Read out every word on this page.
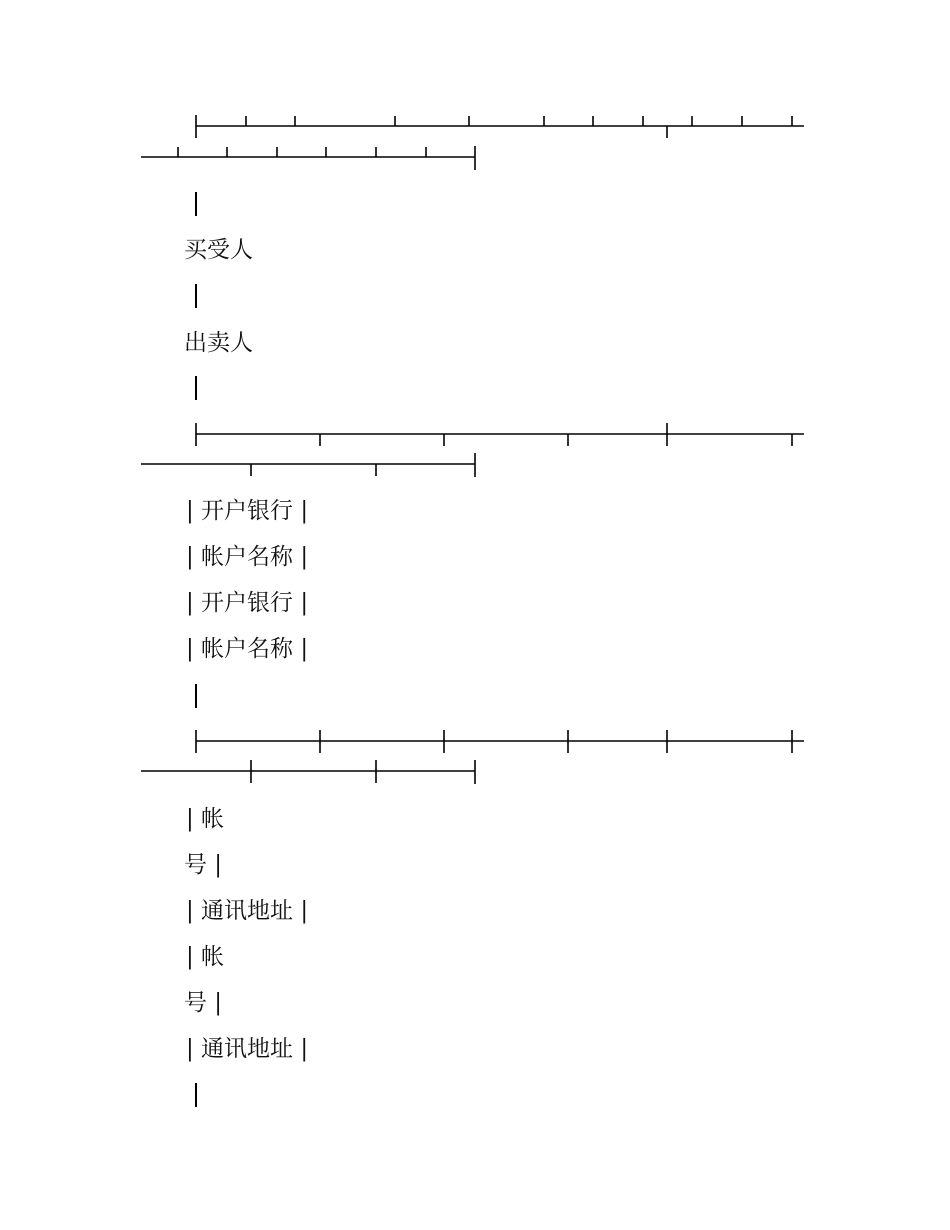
买受人
出卖人
| 开户银行 |
| 帐户名称 |
| 开户银行 |
| 帐户名称 |
| 帐
号 |
| 通讯地址 |
| 帐
号 |
| 通讯地址 |
